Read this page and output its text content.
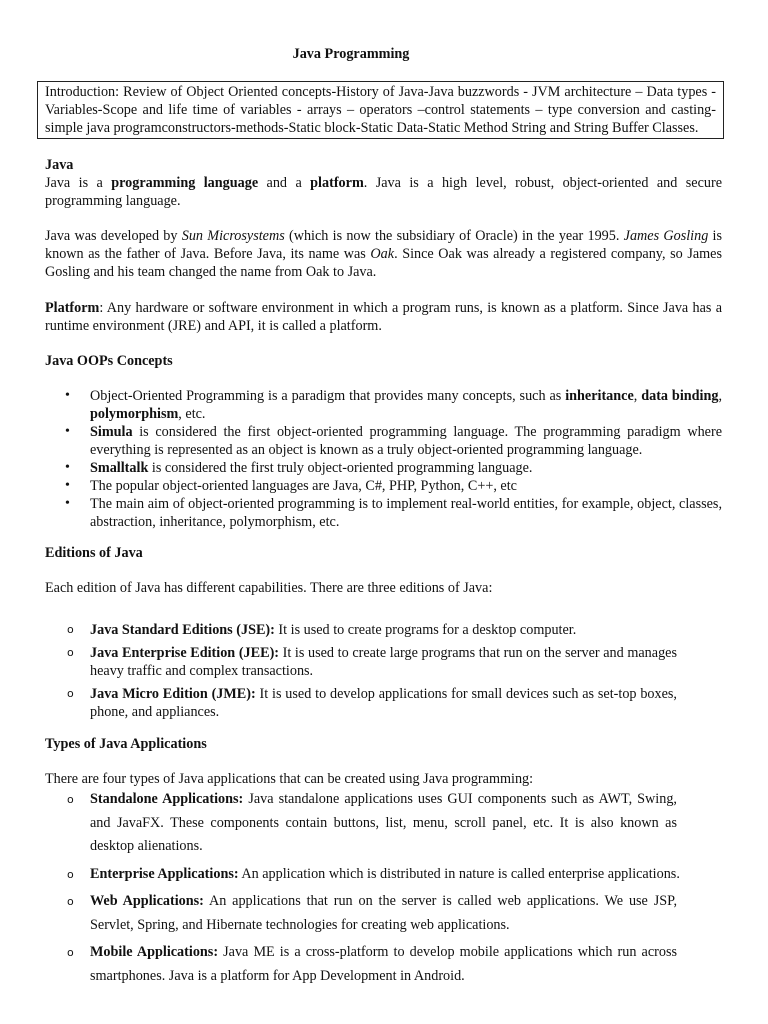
Java Programming
Introduction: Review of Object Oriented concepts-History of Java-Java buzzwords - JVM architecture – Data types - Variables-Scope and life time of variables - arrays – operators –control statements – type conversion and casting-simple java programconstructors-methods-Static block-Static Data-Static Method String and String Buffer Classes.
Java
Java is a programming language and a platform. Java is a high level, robust, object-oriented and secure programming language.
Java was developed by Sun Microsystems (which is now the subsidiary of Oracle) in the year 1995. James Gosling is known as the father of Java. Before Java, its name was Oak. Since Oak was already a registered company, so James Gosling and his team changed the name from Oak to Java.
Platform: Any hardware or software environment in which a program runs, is known as a platform. Since Java has a runtime environment (JRE) and API, it is called a platform.
Java OOPs Concepts
• Object-Oriented Programming is a paradigm that provides many concepts, such as inheritance, data binding, polymorphism, etc.
• Simula is considered the first object-oriented programming language. The programming paradigm where everything is represented as an object is known as a truly object-oriented programming language.
• Smalltalk is considered the first truly object-oriented programming language.
• The popular object-oriented languages are Java, C#, PHP, Python, C++, etc
• The main aim of object-oriented programming is to implement real-world entities, for example, object, classes, abstraction, inheritance, polymorphism, etc.
Editions of Java
Each edition of Java has different capabilities. There are three editions of Java:
o Java Standard Editions (JSE): It is used to create programs for a desktop computer.
o Java Enterprise Edition (JEE): It is used to create large programs that run on the server and manages heavy traffic and complex transactions.
o Java Micro Edition (JME): It is used to develop applications for small devices such as set-top boxes, phone, and appliances.
Types of Java Applications
There are four types of Java applications that can be created using Java programming:
o Standalone Applications: Java standalone applications uses GUI components such as AWT, Swing, and JavaFX. These components contain buttons, list, menu, scroll panel, etc. It is also known as desktop alienations.
o Enterprise Applications: An application which is distributed in nature is called enterprise applications.
o Web Applications: An applications that run on the server is called web applications. We use JSP, Servlet, Spring, and Hibernate technologies for creating web applications.
o Mobile Applications: Java ME is a cross-platform to develop mobile applications which run across smartphones. Java is a platform for App Development in Android.
